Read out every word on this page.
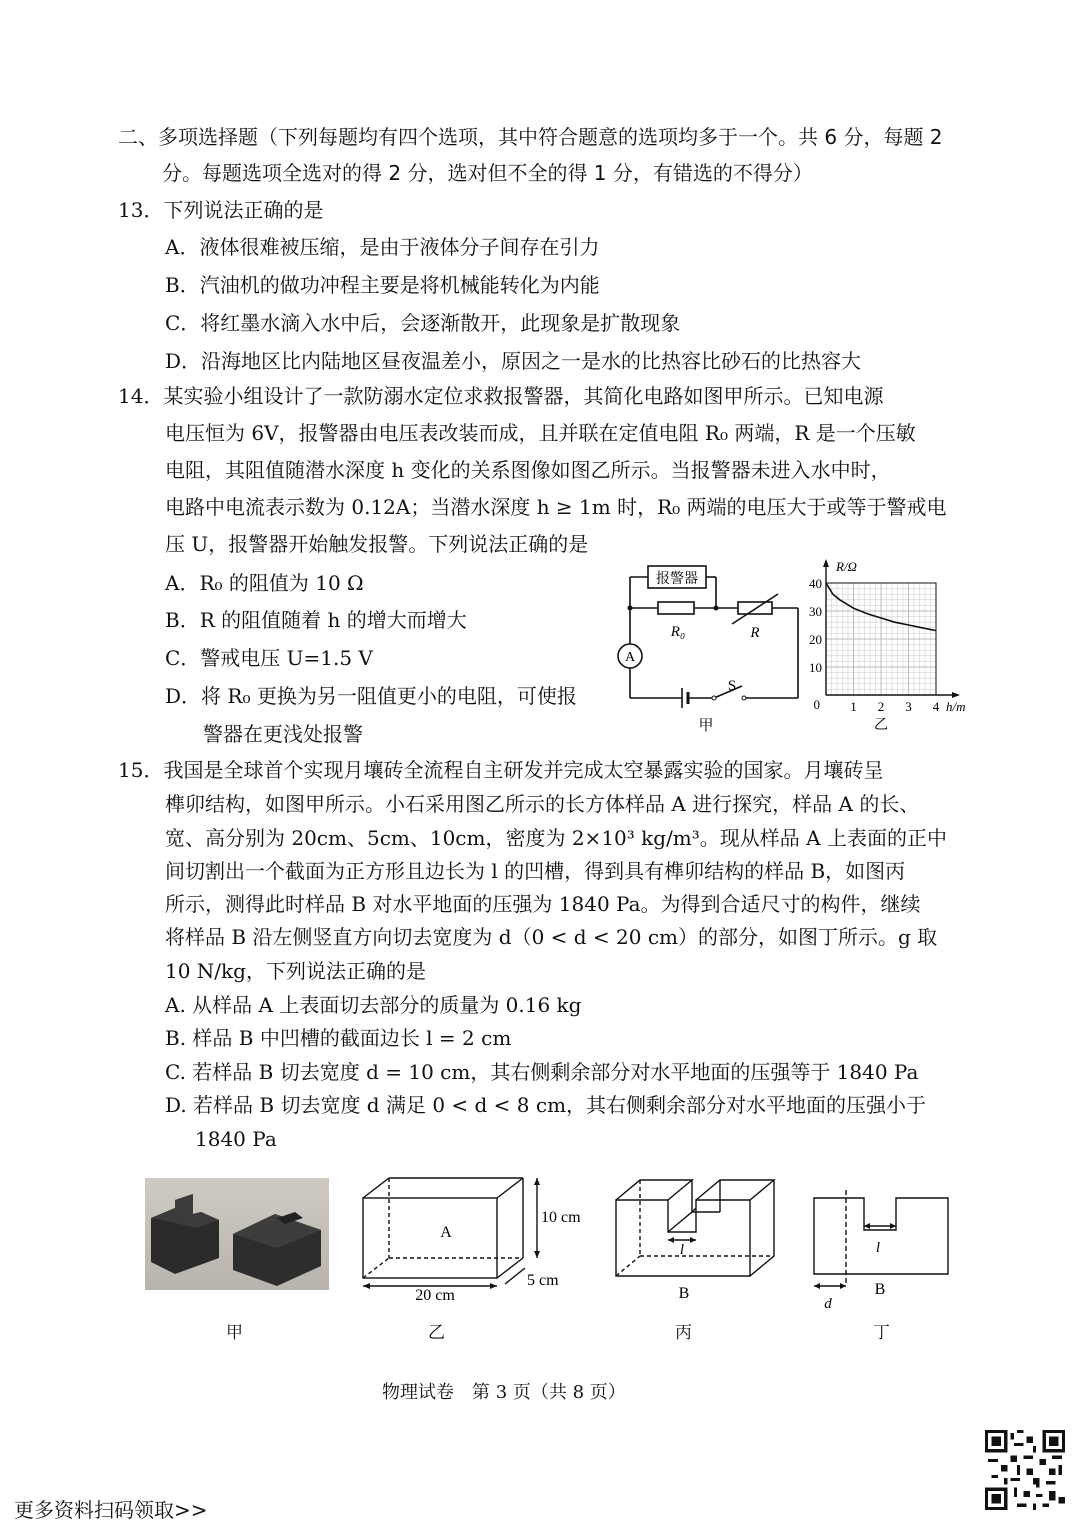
二、多项选择题（下列每题均有四个选项，其中符合题意的选项均多于一个。共 6 分，每题 2
分。每题选项全选对的得 2 分，选对但不全的得 1 分，有错选的不得分）
13．下列说法正确的是
A．液体很难被压缩，是由于液体分子间存在引力
B．汽油机的做功冲程主要是将机械能转化为内能
C．将红墨水滴入水中后，会逐渐散开，此现象是扩散现象
D．沿海地区比内陆地区昼夜温差小，原因之一是水的比热容比砂石的比热容大
14．某实验小组设计了一款防溺水定位求救报警器，其简化电路如图甲所示。已知电源
电压恒为 6V，报警器由电压表改装而成，且并联在定值电阻 R₀ 两端，R 是一个压敏
电阻，其阻值随潜水深度 h 变化的关系图像如图乙所示。当报警器未进入水中时，
电路中电流表示数为 0.12A；当潜水深度 h ≥ 1m 时，R₀ 两端的电压大于或等于警戒电
压 U，报警器开始触发报警。下列说法正确的是
A．R₀ 的阻值为 10 Ω
B．R 的阻值随着 h 的增大而增大
C．警戒电压 U=1.5 V
D．将 R₀ 更换为另一阻值更小的电阻，可使报
警器在更浅处报警
报警器
R₀	R
A
S
甲
1 2 3 4
10
20
30
40
0	h/m
R/Ω
乙
15．我国是全球首个实现月壤砖全流程自主研发并完成太空暴露实验的国家。月壤砖呈
榫卯结构，如图甲所示。小石采用图乙所示的长方体样品 A 进行探究，样品 A 的长、
宽、高分别为 20cm、5cm、10cm，密度为 2×10³ kg/m³。现从样品 A 上表面的正中
间切割出一个截面为正方形且边长为 l 的凹槽，得到具有榫卯结构的样品 B，如图丙
所示，测得此时样品 B 对水平地面的压强为 1840 Pa。为得到合适尺寸的构件，继续
将样品 B 沿左侧竖直方向切去宽度为 d（0 < d < 20 cm）的部分，如图丁所示。g 取
10 N/kg，下列说法正确的是
A. 从样品 A 上表面切去部分的质量为 0.16 kg
B. 样品 B 中凹槽的截面边长 l = 2 cm
C. 若样品 B 切去宽度 d = 10 cm，其右侧剩余部分对水平地面的压强等于 1840 Pa
D. 若样品 B 切去宽度 d 满足 0 < d < 8 cm，其右侧剩余部分对水平地面的压强小于
1840 Pa
A
10 cm
5 cm
20 cm
l
B
l
B
d
甲	乙	丙	丁
物理试卷　第 3 页（共 8 页）
更多资料扫码领取>>
